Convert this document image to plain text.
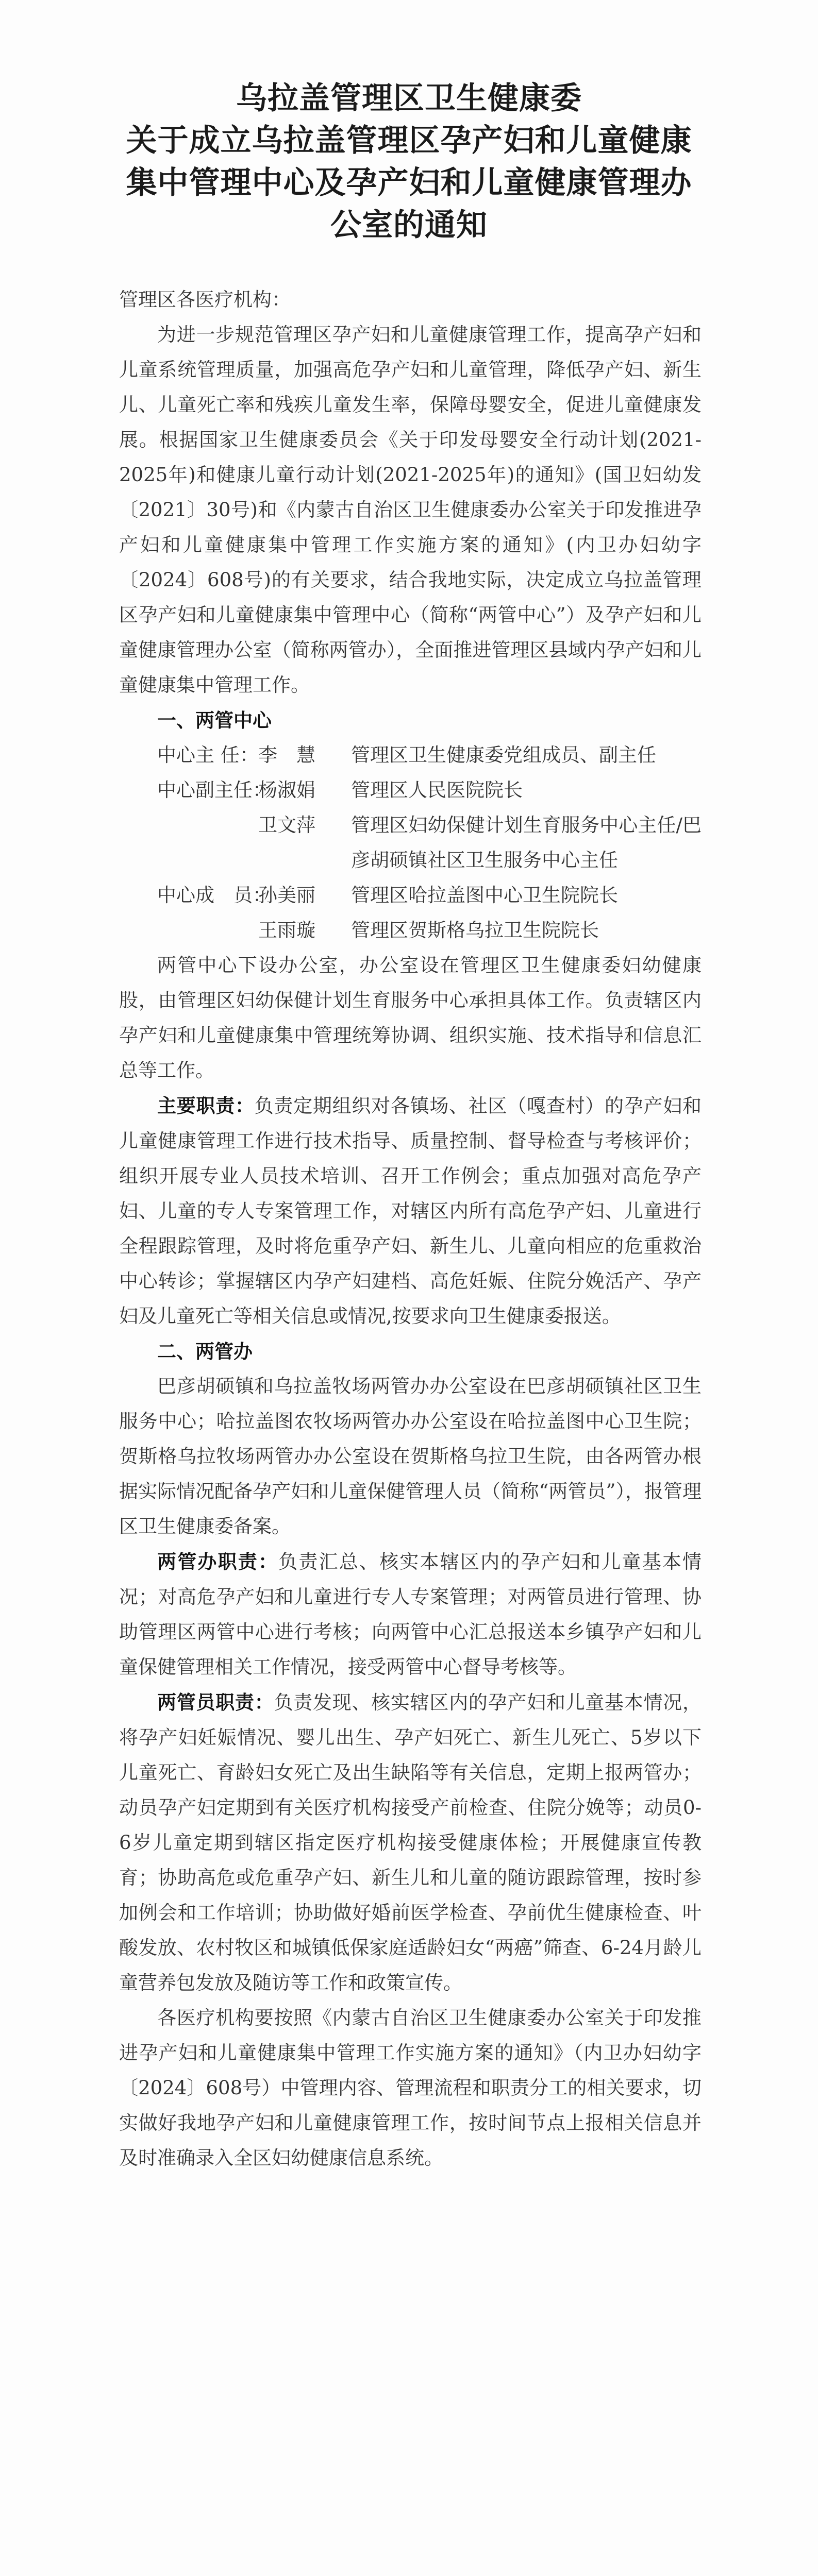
乌拉盖管理区卫生健康委
关于成立乌拉盖管理区孕产妇和儿童健康
集中管理中心及孕产妇和儿童健康管理办
公室的通知

管理区各医疗机构：

为进一步规范管理区孕产妇和儿童健康管理工作，提高孕产妇和儿童系统管理质量，加强高危孕产妇和儿童管理，降低孕产妇、新生儿、儿童死亡率和残疾儿童发生率，保障母婴安全，促进儿童健康发展。根据国家卫生健康委员会《关于印发母婴安全行动计划(2021-2025年)和健康儿童行动计划(2021-2025年)的通知》(国卫妇幼发〔2021〕30号)和《内蒙古自治区卫生健康委办公室关于印发推进孕产妇和儿童健康集中管理工作实施方案的通知》(内卫办妇幼字〔2024〕608号)的有关要求，结合我地实际，决定成立乌拉盖管理区孕产妇和儿童健康集中管理中心（简称“两管中心”）及孕产妇和儿童健康管理办公室（简称两管办），全面推进管理区县域内孕产妇和儿童健康集中管理工作。

一、两管中心

中心主 任： 李　慧	管理区卫生健康委党组成员、副主任
中心副主任：
杨淑娟	管理区人民医院院长
卫文萍	管理区妇幼保健计划生育服务中心主任/巴彦胡硕镇社区卫生服务中心主任
中心成　员：
孙美丽	管理区哈拉盖图中心卫生院院长
王雨璇	管理区贺斯格乌拉卫生院院长

两管中心下设办公室，办公室设在管理区卫生健康委妇幼健康股，由管理区妇幼保健计划生育服务中心承担具体工作。负责辖区内孕产妇和儿童健康集中管理统筹协调、组织实施、技术指导和信息汇总等工作。

主要职责：负责定期组织对各镇场、社区（嘎查村）的孕产妇和儿童健康管理工作进行技术指导、质量控制、督导检查与考核评价；组织开展专业人员技术培训、召开工作例会；重点加强对高危孕产妇、儿童的专人专案管理工作，对辖区内所有高危孕产妇、儿童进行全程跟踪管理，及时将危重孕产妇、新生儿、儿童向相应的危重救治中心转诊；掌握辖区内孕产妇建档、高危妊娠、住院分娩活产、孕产妇及儿童死亡等相关信息或情况,按要求向卫生健康委报送。

二、两管办

巴彦胡硕镇和乌拉盖牧场两管办办公室设在巴彦胡硕镇社区卫生服务中心；哈拉盖图农牧场两管办办公室设在哈拉盖图中心卫生院；贺斯格乌拉牧场两管办办公室设在贺斯格乌拉卫生院，由各两管办根据实际情况配备孕产妇和儿童保健管理人员（简称“两管员”），报管理区卫生健康委备案。

两管办职责：负责汇总、核实本辖区内的孕产妇和儿童基本情况；对高危孕产妇和儿童进行专人专案管理；对两管员进行管理、协助管理区两管中心进行考核；向两管中心汇总报送本乡镇孕产妇和儿童保健管理相关工作情况，接受两管中心督导考核等。

两管员职责：负责发现、核实辖区内的孕产妇和儿童基本情况，将孕产妇妊娠情况、婴儿出生、孕产妇死亡、新生儿死亡、5岁以下儿童死亡、育龄妇女死亡及出生缺陷等有关信息，定期上报两管办；动员孕产妇定期到有关医疗机构接受产前检查、住院分娩等；动员0-6岁儿童定期到辖区指定医疗机构接受健康体检；开展健康宣传教育；协助高危或危重孕产妇、新生儿和儿童的随访跟踪管理，按时参加例会和工作培训；协助做好婚前医学检查、孕前优生健康检查、叶酸发放、农村牧区和城镇低保家庭适龄妇女“两癌”筛查、6-24月龄儿童营养包发放及随访等工作和政策宣传。

各医疗机构要按照《内蒙古自治区卫生健康委办公室关于印发推进孕产妇和儿童健康集中管理工作实施方案的通知》（内卫办妇幼字〔2024〕608号）中管理内容、管理流程和职责分工的相关要求，切实做好我地孕产妇和儿童健康管理工作，按时间节点上报相关信息并及时准确录入全区妇幼健康信息系统。
